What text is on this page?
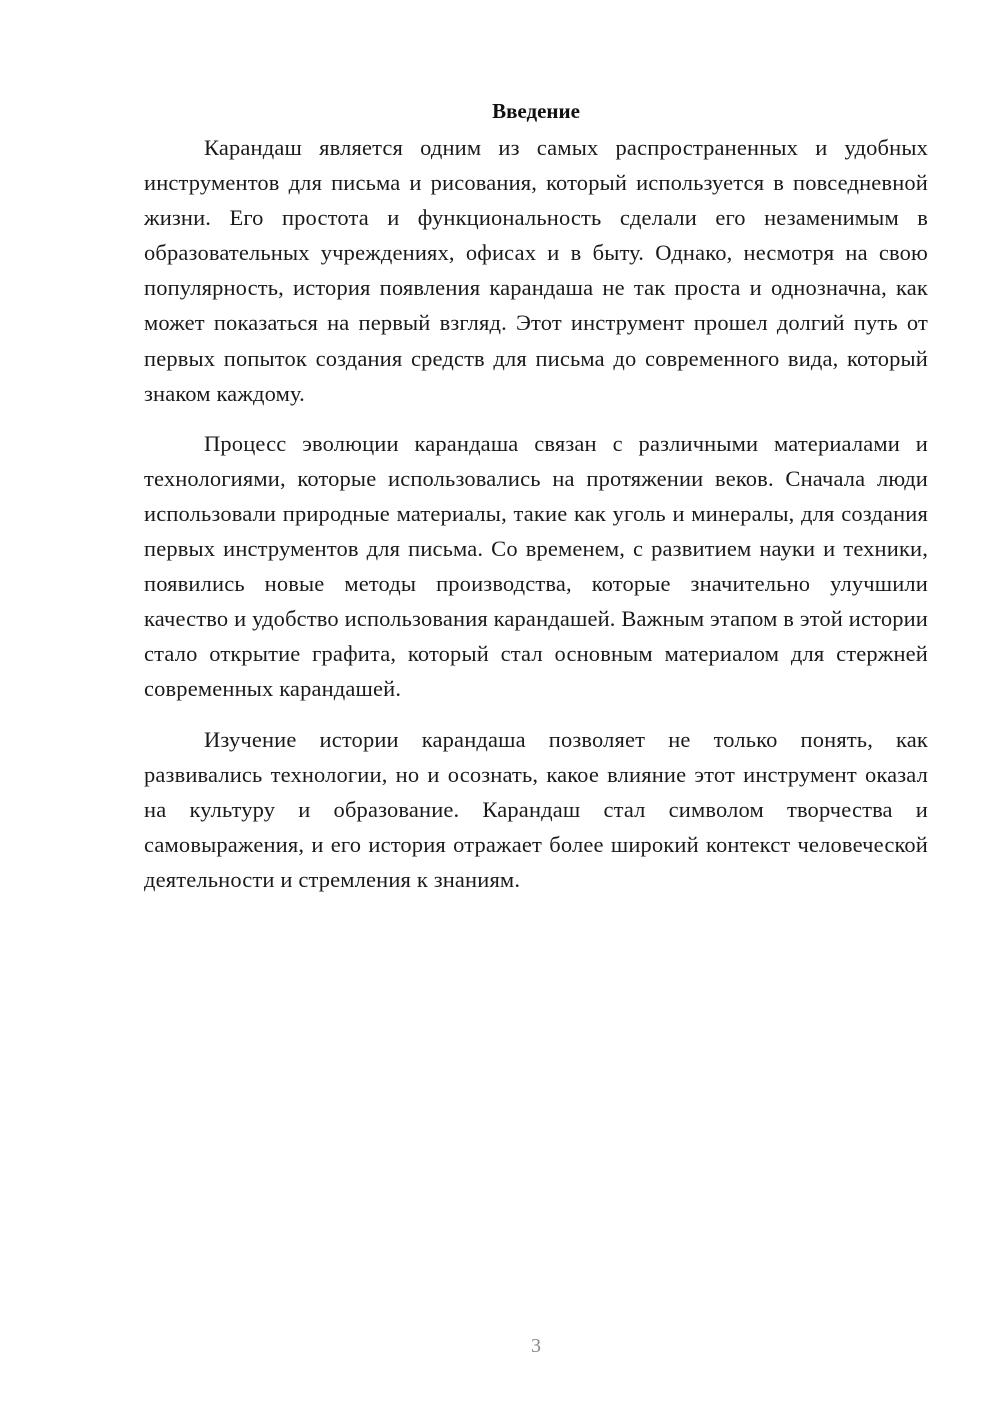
Введение

Карандаш является одним из самых распространенных и удобных инструментов для письма и рисования, который используется в повседневной жизни. Его простота и функциональность сделали его незаменимым в образовательных учреждениях, офисах и в быту. Однако, несмотря на свою популярность, история появления карандаша не так проста и однозначна, как может показаться на первый взгляд. Этот инструмент прошел долгий путь от первых попыток создания средств для письма до современного вида, который знаком каждому.

Процесс эволюции карандаша связан с различными материалами и технологиями, которые использовались на протяжении веков. Сначала люди использовали природные материалы, такие как уголь и минералы, для создания первых инструментов для письма. Со временем, с развитием науки и техники, появились новые методы производства, которые значительно улучшили качество и удобство использования карандашей. Важным этапом в этой истории стало открытие графита, который стал основным материалом для стержней современных карандашей.

Изучение истории карандаша позволяет не только понять, как развивались технологии, но и осознать, какое влияние этот инструмент оказал на культуру и образование. Карандаш стал символом творчества и самовыражения, и его история отражает более широкий контекст человеческой деятельности и стремления к знаниям.

3
